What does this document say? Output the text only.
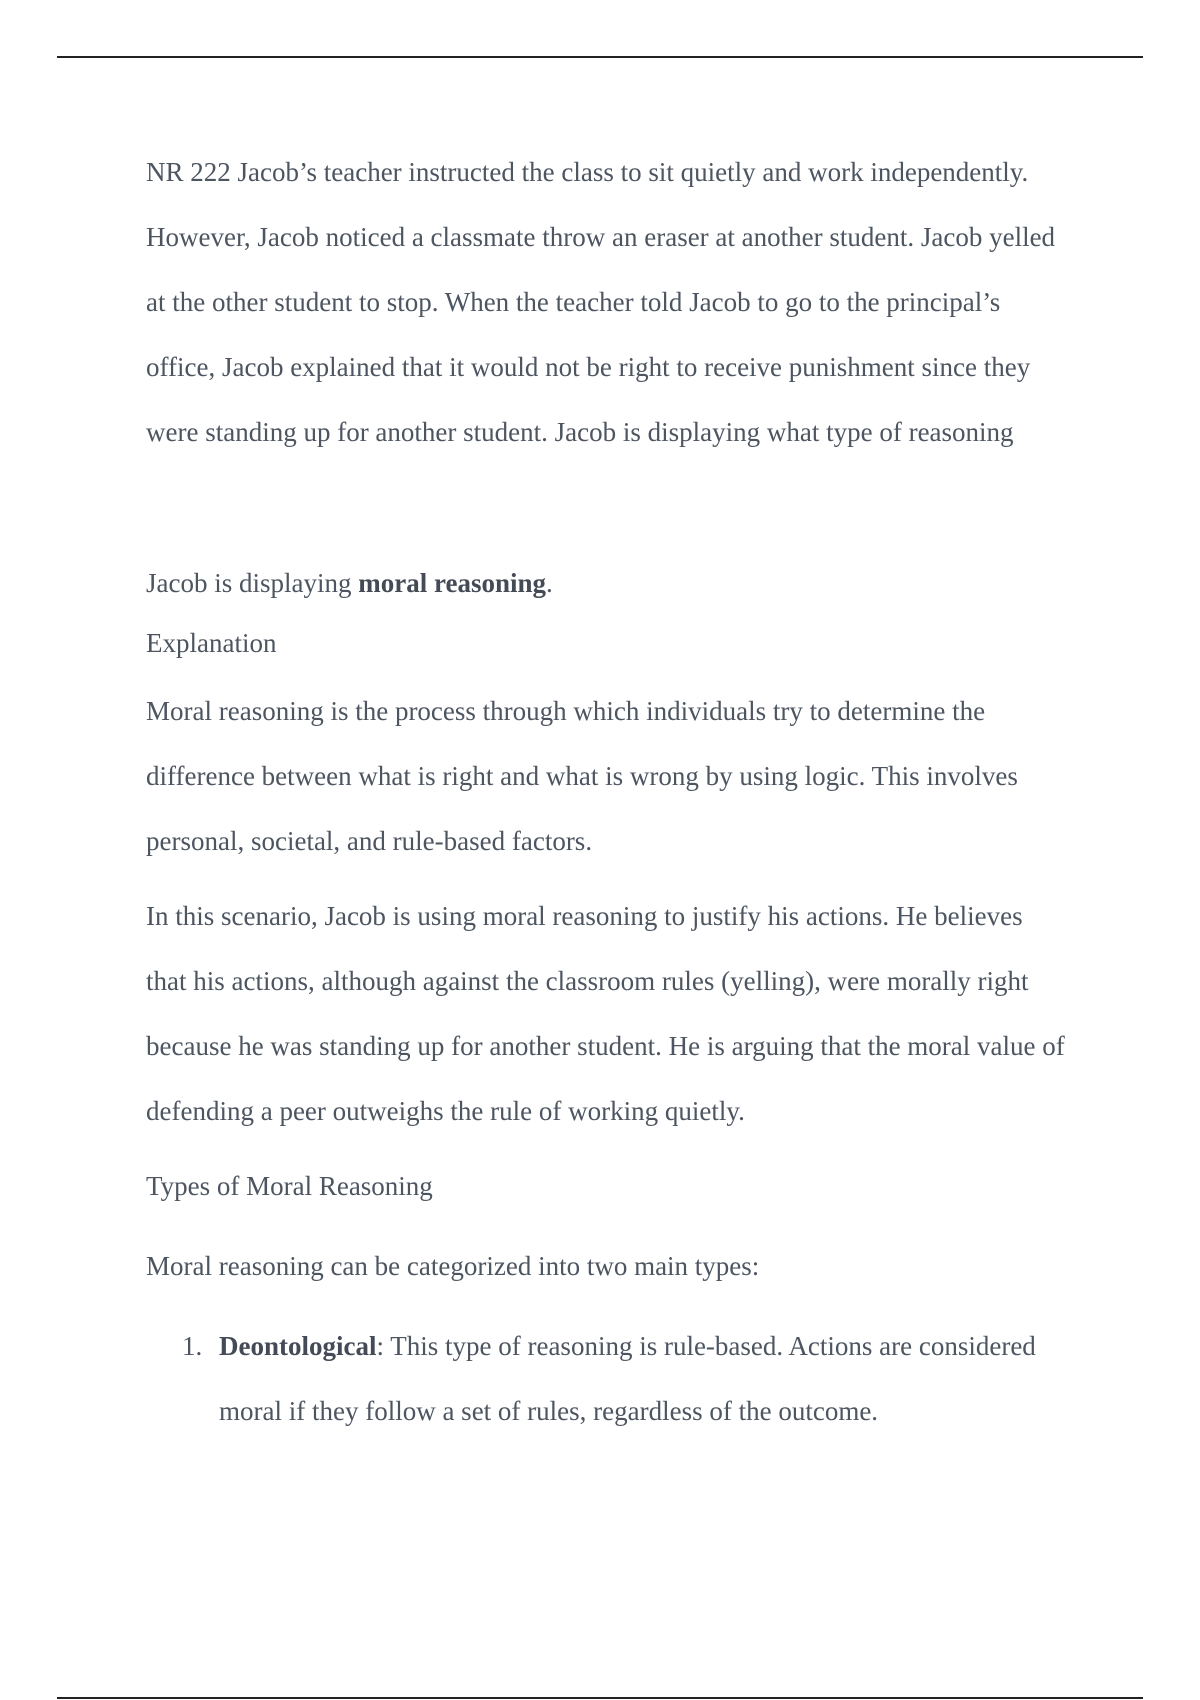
NR 222 Jacob’s teacher instructed the class to sit quietly and work independently. However, Jacob noticed a classmate throw an eraser at another student. Jacob yelled at the other student to stop. When the teacher told Jacob to go to the principal’s office, Jacob explained that it would not be right to receive punishment since they were standing up for another student. Jacob is displaying what type of reasoning

Jacob is displaying moral reasoning.

Explanation

Moral reasoning is the process through which individuals try to determine the difference between what is right and what is wrong by using logic. This involves personal, societal, and rule-based factors.

In this scenario, Jacob is using moral reasoning to justify his actions. He believes that his actions, although against the classroom rules (yelling), were morally right because he was standing up for another student. He is arguing that the moral value of defending a peer outweighs the rule of working quietly.

Types of Moral Reasoning

Moral reasoning can be categorized into two main types:

1. Deontological: This type of reasoning is rule-based. Actions are considered moral if they follow a set of rules, regardless of the outcome.
